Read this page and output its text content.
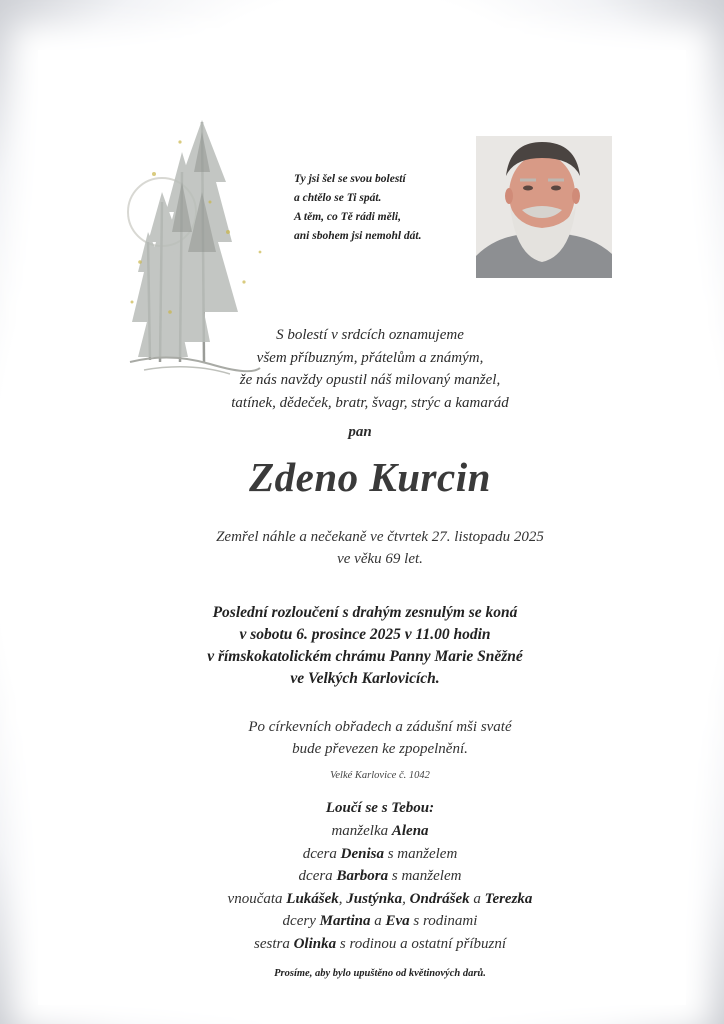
Ty jsi šel se svou bolestí
a chtělo se Ti spát.
A těm, co Tě rádi měli,
ani sbohem jsi nemohl dát.
S bolestí v srdcích oznamujeme
všem příbuzným, přátelům a známým,
že nás navždy opustil náš milovaný manžel,
tatínek, dědeček, bratr, švagr, strýc a kamarád
pan
Zdeno Kurcin
Zemřel náhle a nečekaně ve čtvrtek 27. listopadu 2025
ve věku 69 let.
Poslední rozloučení s drahým zesnulým se koná
v sobotu 6. prosince 2025 v 11.00 hodin
v římskokatolickém chrámu Panny Marie Sněžné
ve Velkých Karlovicích.
Po církevních obřadech a zádušní mši svaté
bude převezen ke zpopelnění.
Velké Karlovice č. 1042
Loučí se s Tebou:
manželka Alena
dcera Denisa s manželem
dcera Barbora s manželem
vnoučata Lukášek, Justýnka, Ondrášek a Terezka
dcery Martina a Eva s rodinami
sestra Olinka s rodinou a ostatní příbuzní
Prosíme, aby bylo upuštěno od květinových darů.
